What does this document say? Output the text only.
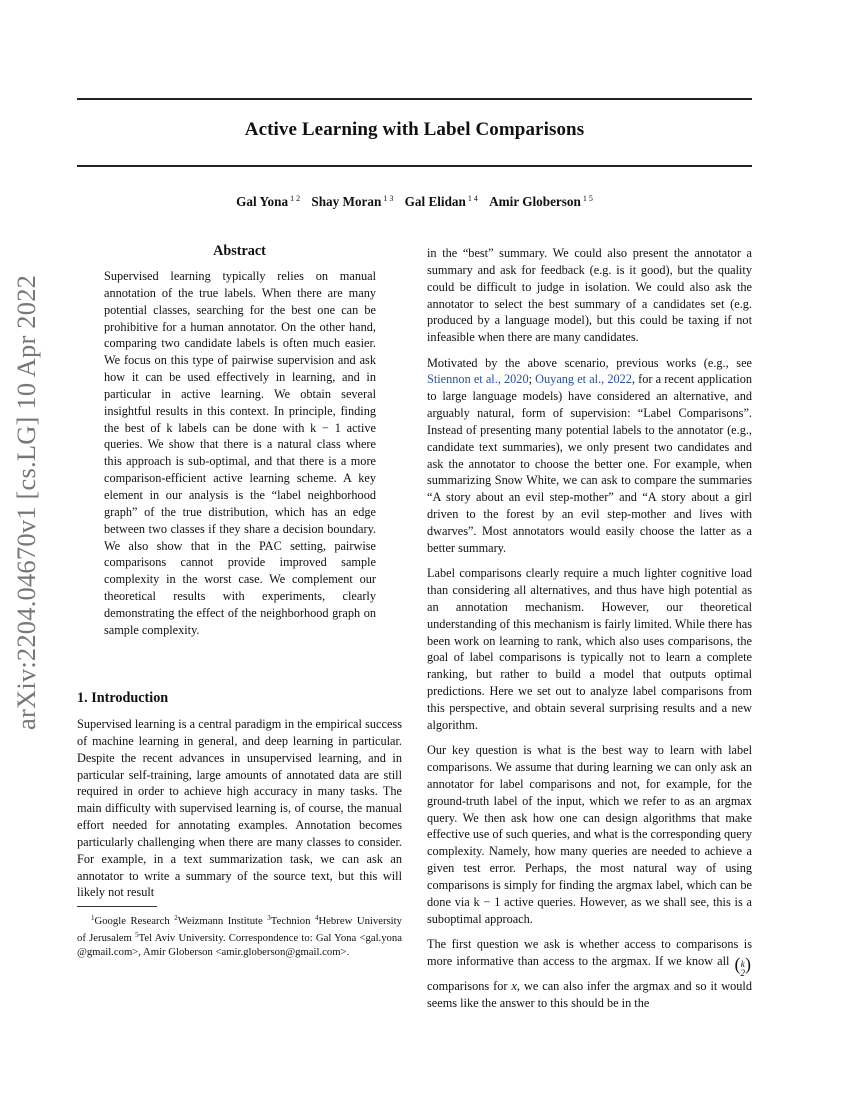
arXiv:2204.04670v1 [cs.LG] 10 Apr 2022
Active Learning with Label Comparisons
Gal Yona $^{1 2}$ Shay Moran $^{1 3}$ Gal Elidan $^{1 4}$ Amir Globerson $^{1 5}$
Abstract
Supervised learning typically relies on manual annotation of the true labels. When there are many potential classes, searching for the best one can be prohibitive for a human annotator. On the other hand, comparing two candidate labels is often much easier. We focus on this type of pairwise supervision and ask how it can be used effectively in learning, and in particular in active learning. We obtain several insightful results in this context. In principle, finding the best of k labels can be done with k − 1 active queries. We show that there is a natural class where this approach is sub-optimal, and that there is a more comparison-efficient active learning scheme. A key element in our analysis is the “label neighborhood graph” of the true distribution, which has an edge between two classes if they share a decision boundary. We also show that in the PAC setting, pairwise comparisons cannot provide improved sample complexity in the worst case. We complement our theoretical results with experiments, clearly demonstrating the effect of the neighborhood graph on sample complexity.
1. Introduction
Supervised learning is a central paradigm in the empirical success of machine learning in general, and deep learning in particular. Despite the recent advances in unsupervised learning, and in particular self-training, large amounts of annotated data are still required in order to achieve high accuracy in many tasks. The main difficulty with supervised learning is, of course, the manual effort needed for annotating examples. Annotation becomes particularly challenging when there are many classes to consider. For example, in a text summarization task, we can ask an annotator to write a summary of the source text, but this will likely not result
$^1$Google Research $^2$Weizmann Institute $^3$Technion $^4$Hebrew University of Jerusalem $^5$Tel Aviv University. Correspondence to: Gal Yona <gal.yona @gmail.com>, Amir Globerson <amir.globerson@gmail.com>.

in the “best” summary. We could also present the annotator a summary and ask for feedback (e.g. is it good), but the quality could be difficult to judge in isolation. We could also ask the annotator to select the best summary of a candidates set (e.g. produced by a language model), but this could be taxing if not infeasible when there are many candidates.

Motivated by the above scenario, previous works (e.g., see Stiennon et al., 2020; Ouyang et al., 2022, for a recent application to large language models) have considered an alternative, and arguably natural, form of supervision: “Label Comparisons”. Instead of presenting many potential labels to the annotator (e.g., candidate text summaries), we only present two candidates and ask the annotator to choose the better one. For example, when summarizing Snow White, we can ask to compare the summaries “A story about an evil step-mother” and “A story about a girl driven to the forest by an evil step-mother and lives with dwarves”. Most annotators would easily choose the latter as a better summary.

Label comparisons clearly require a much lighter cognitive load than considering all alternatives, and thus have high potential as an annotation mechanism. However, our theoretical understanding of this mechanism is fairly limited. While there has been work on learning to rank, which also uses comparisons, the goal of label comparisons is typically not to learn a complete ranking, but rather to build a model that outputs optimal predictions. Here we set out to analyze label comparisons from this perspective, and obtain several surprising results and a new algorithm.

Our key question is what is the best way to learn with label comparisons. We assume that during learning we can only ask an annotator for label comparisons and not, for example, for the ground-truth label of the input, which we refer to as an argmax query. We then ask how one can design algorithms that make effective use of such queries, and what is the corresponding query complexity. Namely, how many queries are needed to achieve a given test error. Perhaps, the most natural way of using comparisons is simply for finding the argmax label, which can be done via k − 1 active queries. However, as we shall see, this is a suboptimal approach.

The first question we ask is whether access to comparisons is more informative than access to the argmax. If we know all (k
2) comparisons for x, we can also infer the argmax and so it would seems like the answer to this should be in the
